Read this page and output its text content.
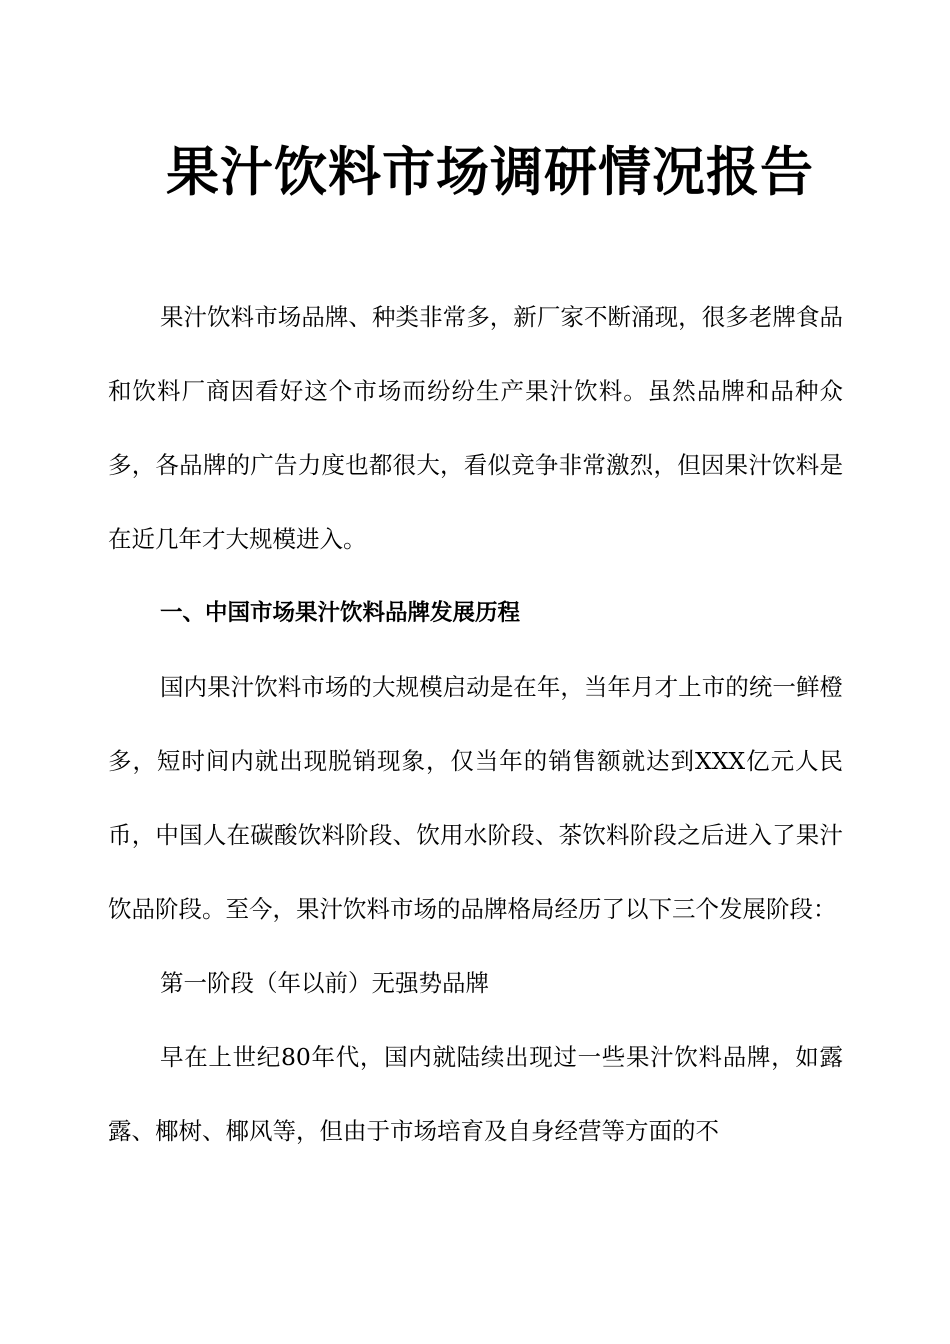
果汁饮料市场调研情况报告

果汁饮料市场品牌、种类非常多，新厂家不断涌现，很多老牌食品和饮料厂商因看好这个市场而纷纷生产果汁饮料。虽然品牌和品种众多，各品牌的广告力度也都很大，看似竞争非常激烈，但因果汁饮料是在近几年才大规模进入。

一、中国市场果汁饮料品牌发展历程

国内果汁饮料市场的大规模启动是在年，当年月才上市的统一鲜橙多，短时间内就出现脱销现象，仅当年的销售额就达到XXX亿元人民币，中国人在碳酸饮料阶段、饮用水阶段、茶饮料阶段之后进入了果汁饮品阶段。至今，果汁饮料市场的品牌格局经历了以下三个发展阶段：

第一阶段（年以前）无强势品牌

早在上世纪80年代，国内就陆续出现过一些果汁饮料品牌，如露露、椰树、椰风等，但由于市场培育及自身经营等方面的不
